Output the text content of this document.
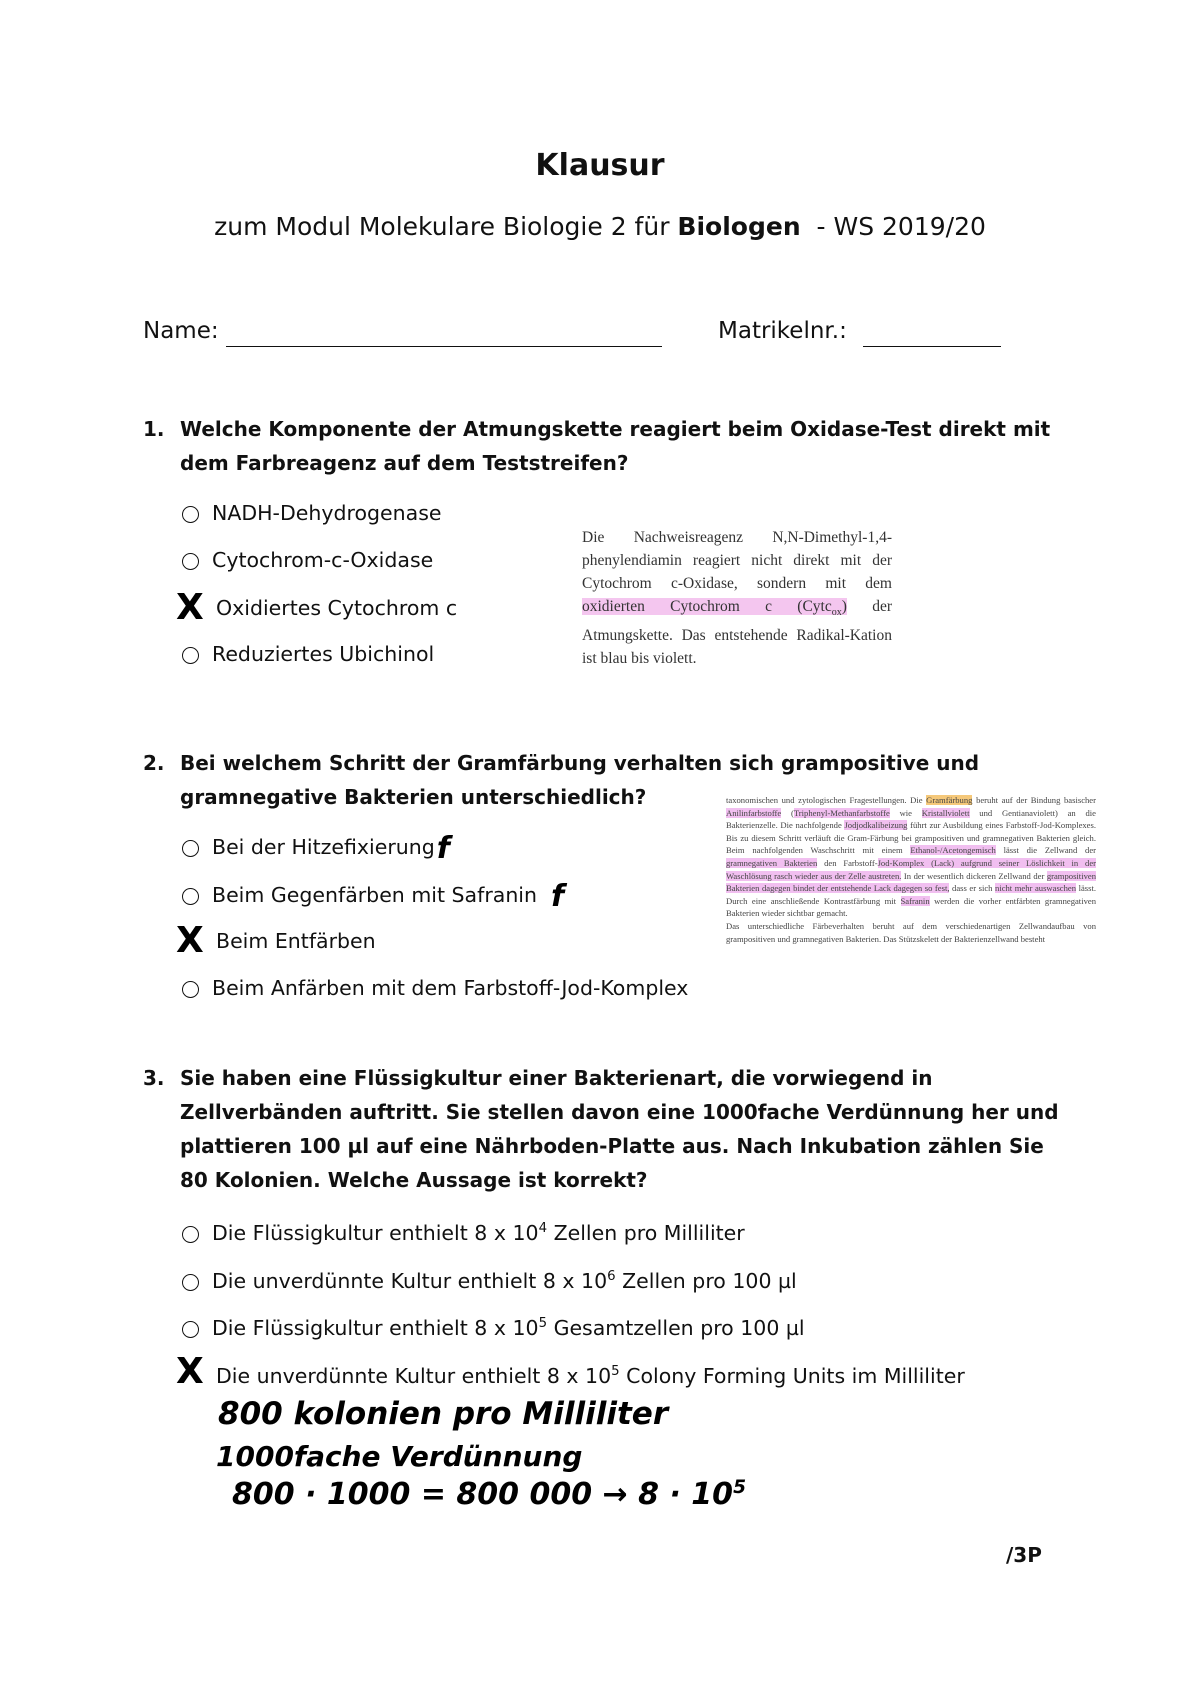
Klausur
zum Modul Molekulare Biologie 2 für Biologen  - WS 2019/20
Name:	Matrikelnr.:
1. Welche Komponente der Atmungskette reagiert beim Oxidase-Test direkt mit dem Farbreagenz auf dem Teststreifen?
NADH-Dehydrogenase
Cytochrom-c-Oxidase
X Oxidiertes Cytochrom c
Reduziertes Ubichinol
Die Nachweisreagenz N,N-Dimethyl-1,4-phenylendiamin reagiert nicht direkt mit der Cytochrom c-Oxidase, sondern mit dem oxidierten Cytochrom c (Cytc$_{ox}$) der Atmungskette. Das entstehende Radikal-Kation ist blau bis violett.
2. Bei welchem Schritt der Gramfärbung verhalten sich grampositive und gramnegative Bakterien unterschiedlich?
Bei der Hitzefixierungf
Beim Gegenfärben mit Safranin f
X Beim Entfärben
Beim Anfärben mit dem Farbstoff-Jod-Komplex
taxonomischen und zytologischen Fragestellungen. Die Gramfärbung beruht auf der Bindung basischer Anilinfarbstoffe (Triphenyl-Methanfarbstoffe wie Kristallviolett und Gentianaviolett) an die Bakterienzelle. Die nachfolgende Jodjodkalibeizung führt zur Ausbildung eines Farbstoff-Jod-Komplexes. Bis zu diesem Schritt verläuft die Gram-Färbung bei grampositiven und gramnegativen Bakterien gleich. Beim nachfolgenden Waschschritt mit einem Ethanol-/Acetongemisch lässt die Zellwand der gramnegativen Bakterien den Farbstoff-Jod-Komplex (Lack) aufgrund seiner Löslichkeit in der Waschlösung rasch wieder aus der Zelle austreten. In der wesentlich dickeren Zellwand der grampositiven Bakterien dagegen bindet der entstehende Lack dagegen so fest, dass er sich nicht mehr auswaschen lässt. Durch eine anschließende Kontrastfärbung mit Safranin werden die vorher entfärbten gramnegativen Bakterien wieder sichtbar gemacht.
Das unterschiedliche Färbeverhalten beruht auf dem verschiedenartigen Zellwandaufbau von grampositiven und gramnegativen Bakterien. Das Stützskelett der Bakterienzellwand besteht
3. Sie haben eine Flüssigkultur einer Bakterienart, die vorwiegend in Zellverbänden auftritt. Sie stellen davon eine 1000fache Verdünnung her und plattieren 100 µl auf eine Nährboden-Platte aus. Nach Inkubation zählen Sie 80 Kolonien. Welche Aussage ist korrekt?
Die Flüssigkultur enthielt 8 x $10^4$ Zellen pro Milliliter
Die unverdünnte Kultur enthielt 8 x $10^6$ Zellen pro 100 µl
Die Flüssigkultur enthielt 8 x $10^5$ Gesamtzellen pro 100 µl
X Die unverdünnte Kultur enthielt 8 x $10^5$ Colony Forming Units im Milliliter
800 kolonien pro Milliliter
1000fache Verdünnung
800 · 1000 = 800 $000 \to 8 \cdot 10^5$
/3P
